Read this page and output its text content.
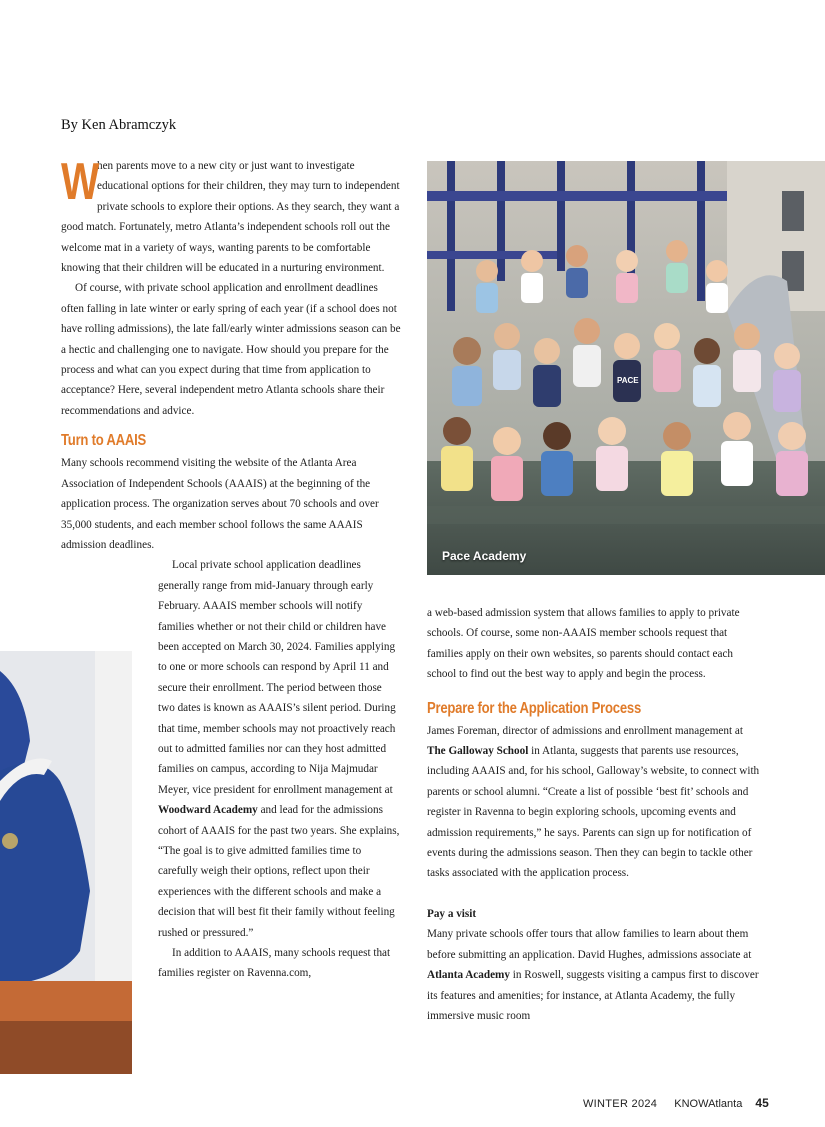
By Ken Abramczyk

W
hen parents move to a new city or just want to investigate educational options for their children, they may turn to independent private schools to explore their options. As they search, they want a good match. Fortunately, metro Atlanta’s independent schools roll out the welcome mat in a variety of ways, wanting parents to be comfortable knowing that their children will be educated in a nurturing environment.

Of course, with private school application and enrollment deadlines often falling in late winter or early spring of each year (if a school does not have rolling admissions), the late fall/early winter admissions season can be a hectic and challenging one to navigate. How should you prepare for the process and what can you expect during that time from application to acceptance? Here, several independent metro Atlanta schools share their recommendations and advice.

Turn to AAAIS

Many schools recommend visiting the website of the Atlanta Area Association of Independent Schools (AAAIS) at the beginning of the application process. The organization serves about 70 schools and over 35,000 students, and each member school follows the same AAAIS admission deadlines.

Local private school application deadlines generally range from mid-January through early February. AAAIS member schools will notify families whether or not their child or children have been accepted on March 30, 2024. Families applying to one or more schools can respond by April 11 and secure their enrollment. The period between those two dates is known as AAAIS’s silent period. During that time, member schools may not proactively reach out to admitted families nor can they host admitted families on campus, according to Nija Majmudar Meyer, vice president for enrollment management at Woodward Academy and lead for the admissions cohort of AAAIS for the past two years. She explains, “The goal is to give admitted families time to carefully weigh their options, reflect upon their experiences with the different schools and make a decision that will best fit their family without feeling rushed or pressured.”

In addition to AAAIS, many schools request that families register on Ravenna.com,

PACE
Pace Academy

a web-based admission system that allows families to apply to private schools. Of course, some non-AAAIS member schools request that families apply on their own websites, so parents should contact each school to find out the best way to apply and begin the process.

Prepare for the Application Process

James Foreman, director of admissions and enrollment management at The Galloway School in Atlanta, suggests that parents use resources, including AAAIS and, for his school, Galloway’s website, to connect with parents or school alumni. “Create a list of possible ‘best fit’ schools and register in Ravenna to begin exploring schools, upcoming events and admission requirements,” he says. Parents can sign up for notification of events during the admissions season. Then they can begin to tackle other tasks associated with the application process.

Pay a visit

Many private schools offer tours that allow families to learn about them before submitting an application. David Hughes, admissions associate at Atlanta Academy in Roswell, suggests visiting a campus first to discover its features and amenities; for instance, at Atlanta Academy, the fully immersive music room

WINTER 2024 KNOWAtlanta 45
